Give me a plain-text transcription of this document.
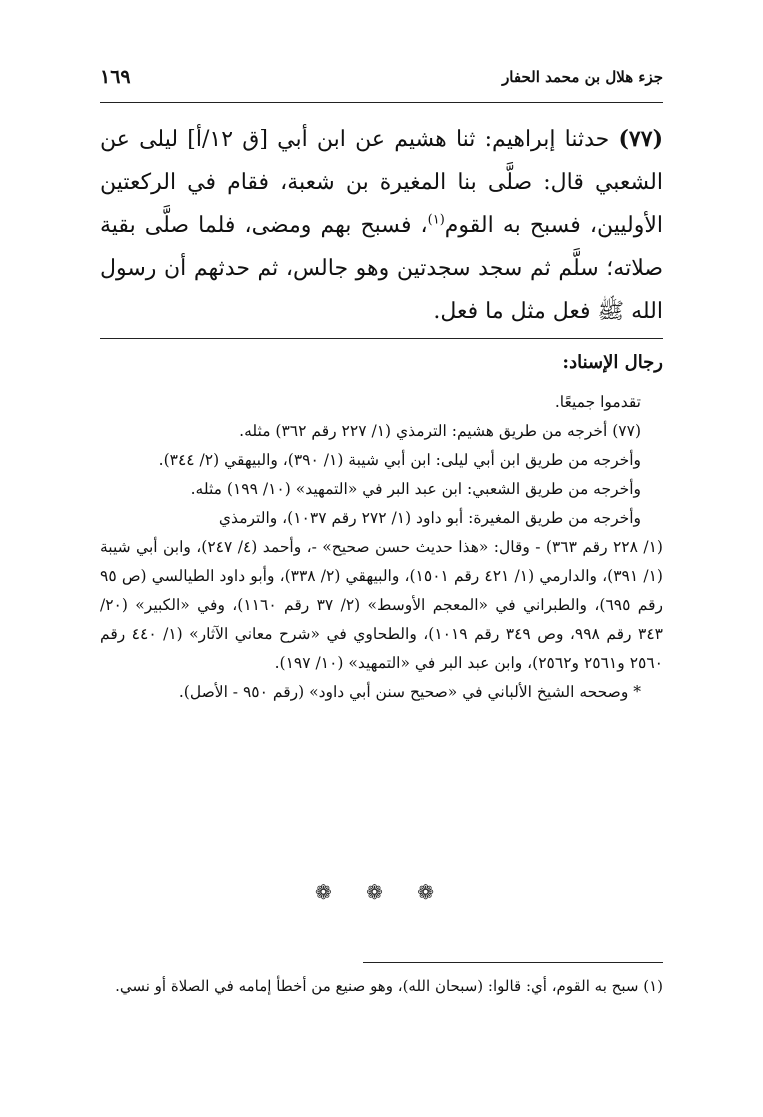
جزء هلال بن محمد الحفار
١٦٩

(٧٧) حدثنا إبراهيم: ثنا هشيم عن ابن أبي [ق ١٢/أ] ليلى عن الشعبي قال: صلَّى بنا المغيرة بن شعبة، فقام في الركعتين الأوليين، فسبح به القوم$^{(١)}$، فسبح بهم ومضى، فلما صلَّى بقية صلاته؛ سلَّم ثم سجد سجدتين وهو جالس، ثم حدثهم أن رسول الله ﷺ فعل مثل ما فعل.

رجال الإسناد:

تقدموا جميعًا.

(٧٧) أخرجه من طريق هشيم: الترمذي (١/ ٢٢٧ رقم ٣٦٢) مثله.

وأخرجه من طريق ابن أبي ليلى: ابن أبي شيبة (١/ ٣٩٠)، والبيهقي (٢/ ٣٤٤).

وأخرجه من طريق الشعبي: ابن عبد البر في «التمهيد» (١٠/ ١٩٩) مثله.

وأخرجه من طريق المغيرة: أبو داود (١/ ٢٧٢ رقم ١٠٣٧)، والترمذي

(١/ ٢٢٨ رقم ٣٦٣) - وقال: «هذا حديث حسن صحيح» -، وأحمد (٤/ ٢٤٧)، وابن أبي شيبة (١/ ٣٩١)، والدارمي (١/ ٤٢١ رقم ١٥٠١)، والبيهقي (٢/ ٣٣٨)، وأبو داود الطيالسي (ص ٩٥ رقم ٦٩٥)، والطبراني في «المعجم الأوسط» (٢/ ٣٧ رقم ١١٦٠)، وفي «الكبير» (٢٠/ ٣٤٣ رقم ٩٩٨، وص ٣٤٩ رقم ١٠١٩)، والطحاوي في «شرح معاني الآثار» (١/ ٤٤٠ رقم ٢٥٦٠ و٢٥٦١ و٢٥٦٢)، وابن عبد البر في «التمهيد» (١٠/ ١٩٧).

* وصححه الشيخ الألباني في «صحيح سنن أبي داود» (رقم ٩٥٠ - الأصل).

❁ ❁ ❁

(١) سبح به القوم، أي: قالوا: (سبحان الله)، وهو صنيع من أخطأ إمامه في الصلاة أو نسي.
